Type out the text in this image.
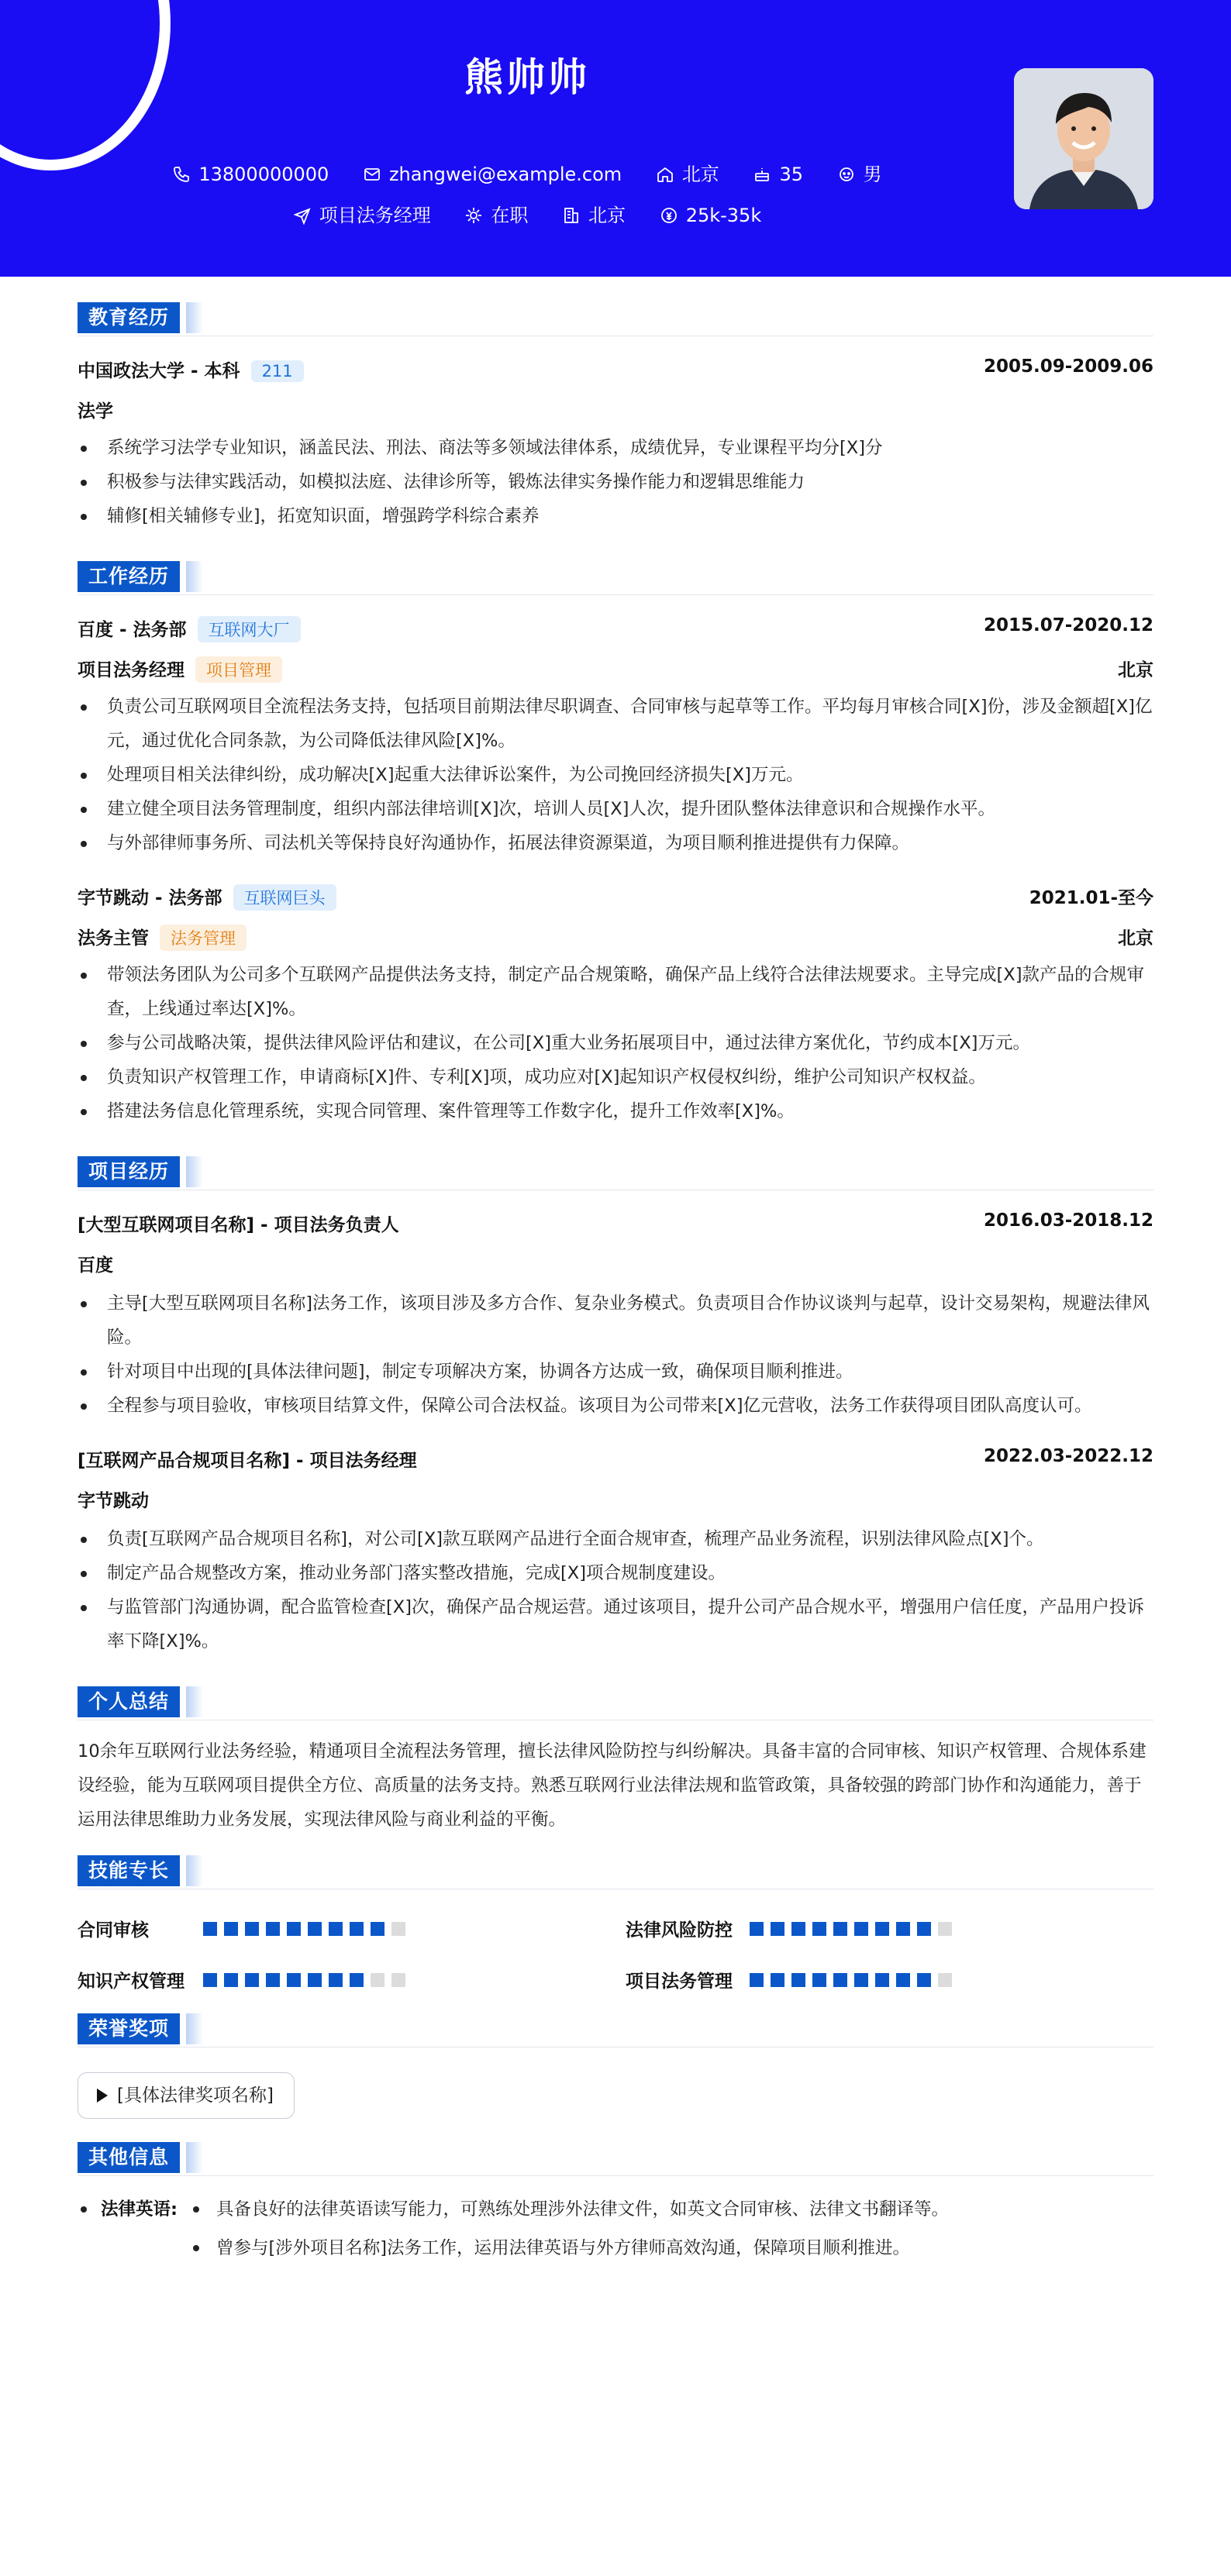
熊帅帅
13800000000	zhangwei@example.com	北京	35	男
项目法务经理	在职	北京	25k-35k
教育经历
中国政法大学 - 本科 211	2005.09-2009.06
法学
系统学习法学专业知识，涵盖民法、刑法、商法等多领域法律体系，成绩优异，专业课程平均分[X]分
积极参与法律实践活动，如模拟法庭、法律诊所等，锻炼法律实务操作能力和逻辑思维能力
辅修[相关辅修专业]，拓宽知识面，增强跨学科综合素养
工作经历
百度 - 法务部 互联网大厂	2015.07-2020.12
项目法务经理 项目管理	北京
负责公司互联网项目全流程法务支持，包括项目前期法律尽职调查、合同审核与起草等工作。平均每月审核合同[X]份，涉及金额超[X]亿元，通过优化合同条款，为公司降低法律风险[X]%。
处理项目相关法律纠纷，成功解决[X]起重大法律诉讼案件，为公司挽回经济损失[X]万元。
建立健全项目法务管理制度，组织内部法律培训[X]次，培训人员[X]人次，提升团队整体法律意识和合规操作水平。
与外部律师事务所、司法机关等保持良好沟通协作，拓展法律资源渠道，为项目顺利推进提供有力保障。
字节跳动 - 法务部 互联网巨头	2021.01-至今
法务主管 法务管理	北京
带领法务团队为公司多个互联网产品提供法务支持，制定产品合规策略，确保产品上线符合法律法规要求。主导完成[X]款产品的合规审查，上线通过率达[X]%。
参与公司战略决策，提供法律风险评估和建议，在公司[X]重大业务拓展项目中，通过法律方案优化，节约成本[X]万元。
负责知识产权管理工作，申请商标[X]件、专利[X]项，成功应对[X]起知识产权侵权纠纷，维护公司知识产权权益。
搭建法务信息化管理系统，实现合同管理、案件管理等工作数字化，提升工作效率[X]%。
项目经历
[大型互联网项目名称] - 项目法务负责人	2016.03-2018.12
百度
主导[大型互联网项目名称]法务工作，该项目涉及多方合作、复杂业务模式。负责项目合作协议谈判与起草，设计交易架构，规避法律风险。
针对项目中出现的[具体法律问题]，制定专项解决方案，协调各方达成一致，确保项目顺利推进。
全程参与项目验收，审核项目结算文件，保障公司合法权益。该项目为公司带来[X]亿元营收，法务工作获得项目团队高度认可。
[互联网产品合规项目名称] - 项目法务经理	2022.03-2022.12
字节跳动
负责[互联网产品合规项目名称]，对公司[X]款互联网产品进行全面合规审查，梳理产品业务流程，识别法律风险点[X]个。
制定产品合规整改方案，推动业务部门落实整改措施，完成[X]项合规制度建设。
与监管部门沟通协调，配合监管检查[X]次，确保产品合规运营。通过该项目，提升公司产品合规水平，增强用户信任度，产品用户投诉率下降[X]%。
个人总结
10余年互联网行业法务经验，精通项目全流程法务管理，擅长法律风险防控与纠纷解决。具备丰富的合同审核、知识产权管理、合规体系建设经验，能为互联网项目提供全方位、高质量的法务支持。熟悉互联网行业法律法规和监管政策，具备较强的跨部门协作和沟通能力，善于运用法律思维助力业务发展，实现法律风险与商业利益的平衡。
技能专长
合同审核	法律风险防控
知识产权管理	项目法务管理
荣誉奖项
[具体法律奖项名称]
其他信息
法律英语:	具备良好的法律英语读写能力，可熟练处理涉外法律文件，如英文合同审核、法律文书翻译等。
曾参与[涉外项目名称]法务工作，运用法律英语与外方律师高效沟通，保障项目顺利推进。
